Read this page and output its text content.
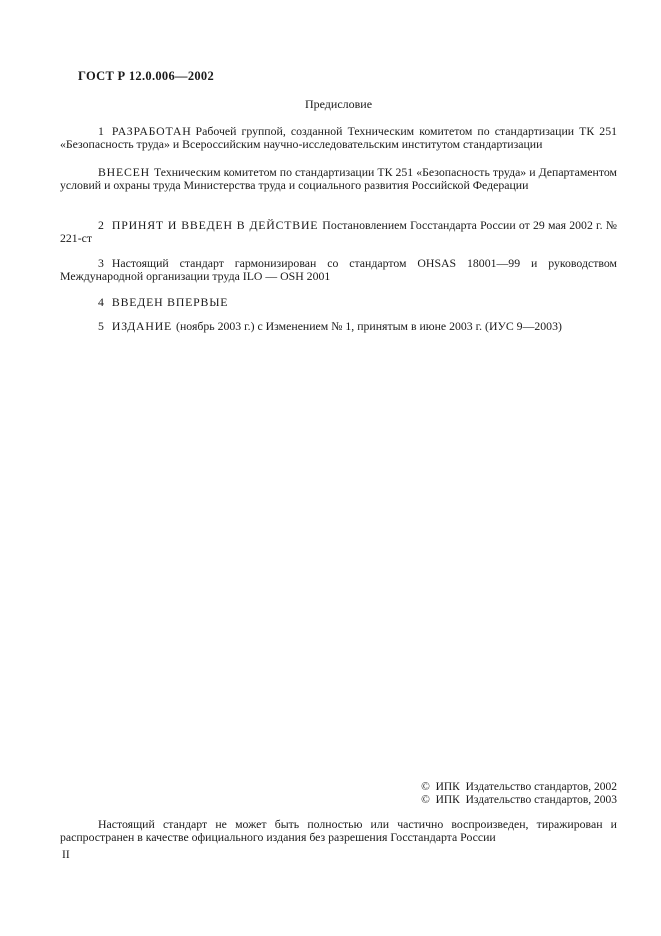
ГОСТ Р 12.0.006—2002
Предисловие

1 РАЗРАБОТАН Рабочей группой, созданной Техническим комитетом по стандартизации ТК 251 «Безопасность труда» и Всероссийским научно-исследовательским институтом стандартизации

ВНЕСЕН Техническим комитетом по стандартизации ТК 251 «Безопасность труда» и Департаментом условий и охраны труда Министерства труда и социального развития Российской Федерации

2 ПРИНЯТ И ВВЕДЕН В ДЕЙСТВИЕ Постановлением Госстандарта России от 29 мая 2002 г. № 221-ст

3 Настоящий стандарт гармонизирован со стандартом OHSAS 18001—99 и руководством Международной организации труда ILO — OSH 2001

4 ВВЕДЕН ВПЕРВЫЕ

5 ИЗДАНИЕ (ноябрь 2003 г.) с Изменением № 1, принятым в июне 2003 г. (ИУС 9—2003)

©  ИПК  Издательство стандартов, 2002
©  ИПК  Издательство стандартов, 2003

Настоящий стандарт не может быть полностью или частично воспроизведен, тиражирован и распространен в качестве официального издания без разрешения Госстандарта России

II
